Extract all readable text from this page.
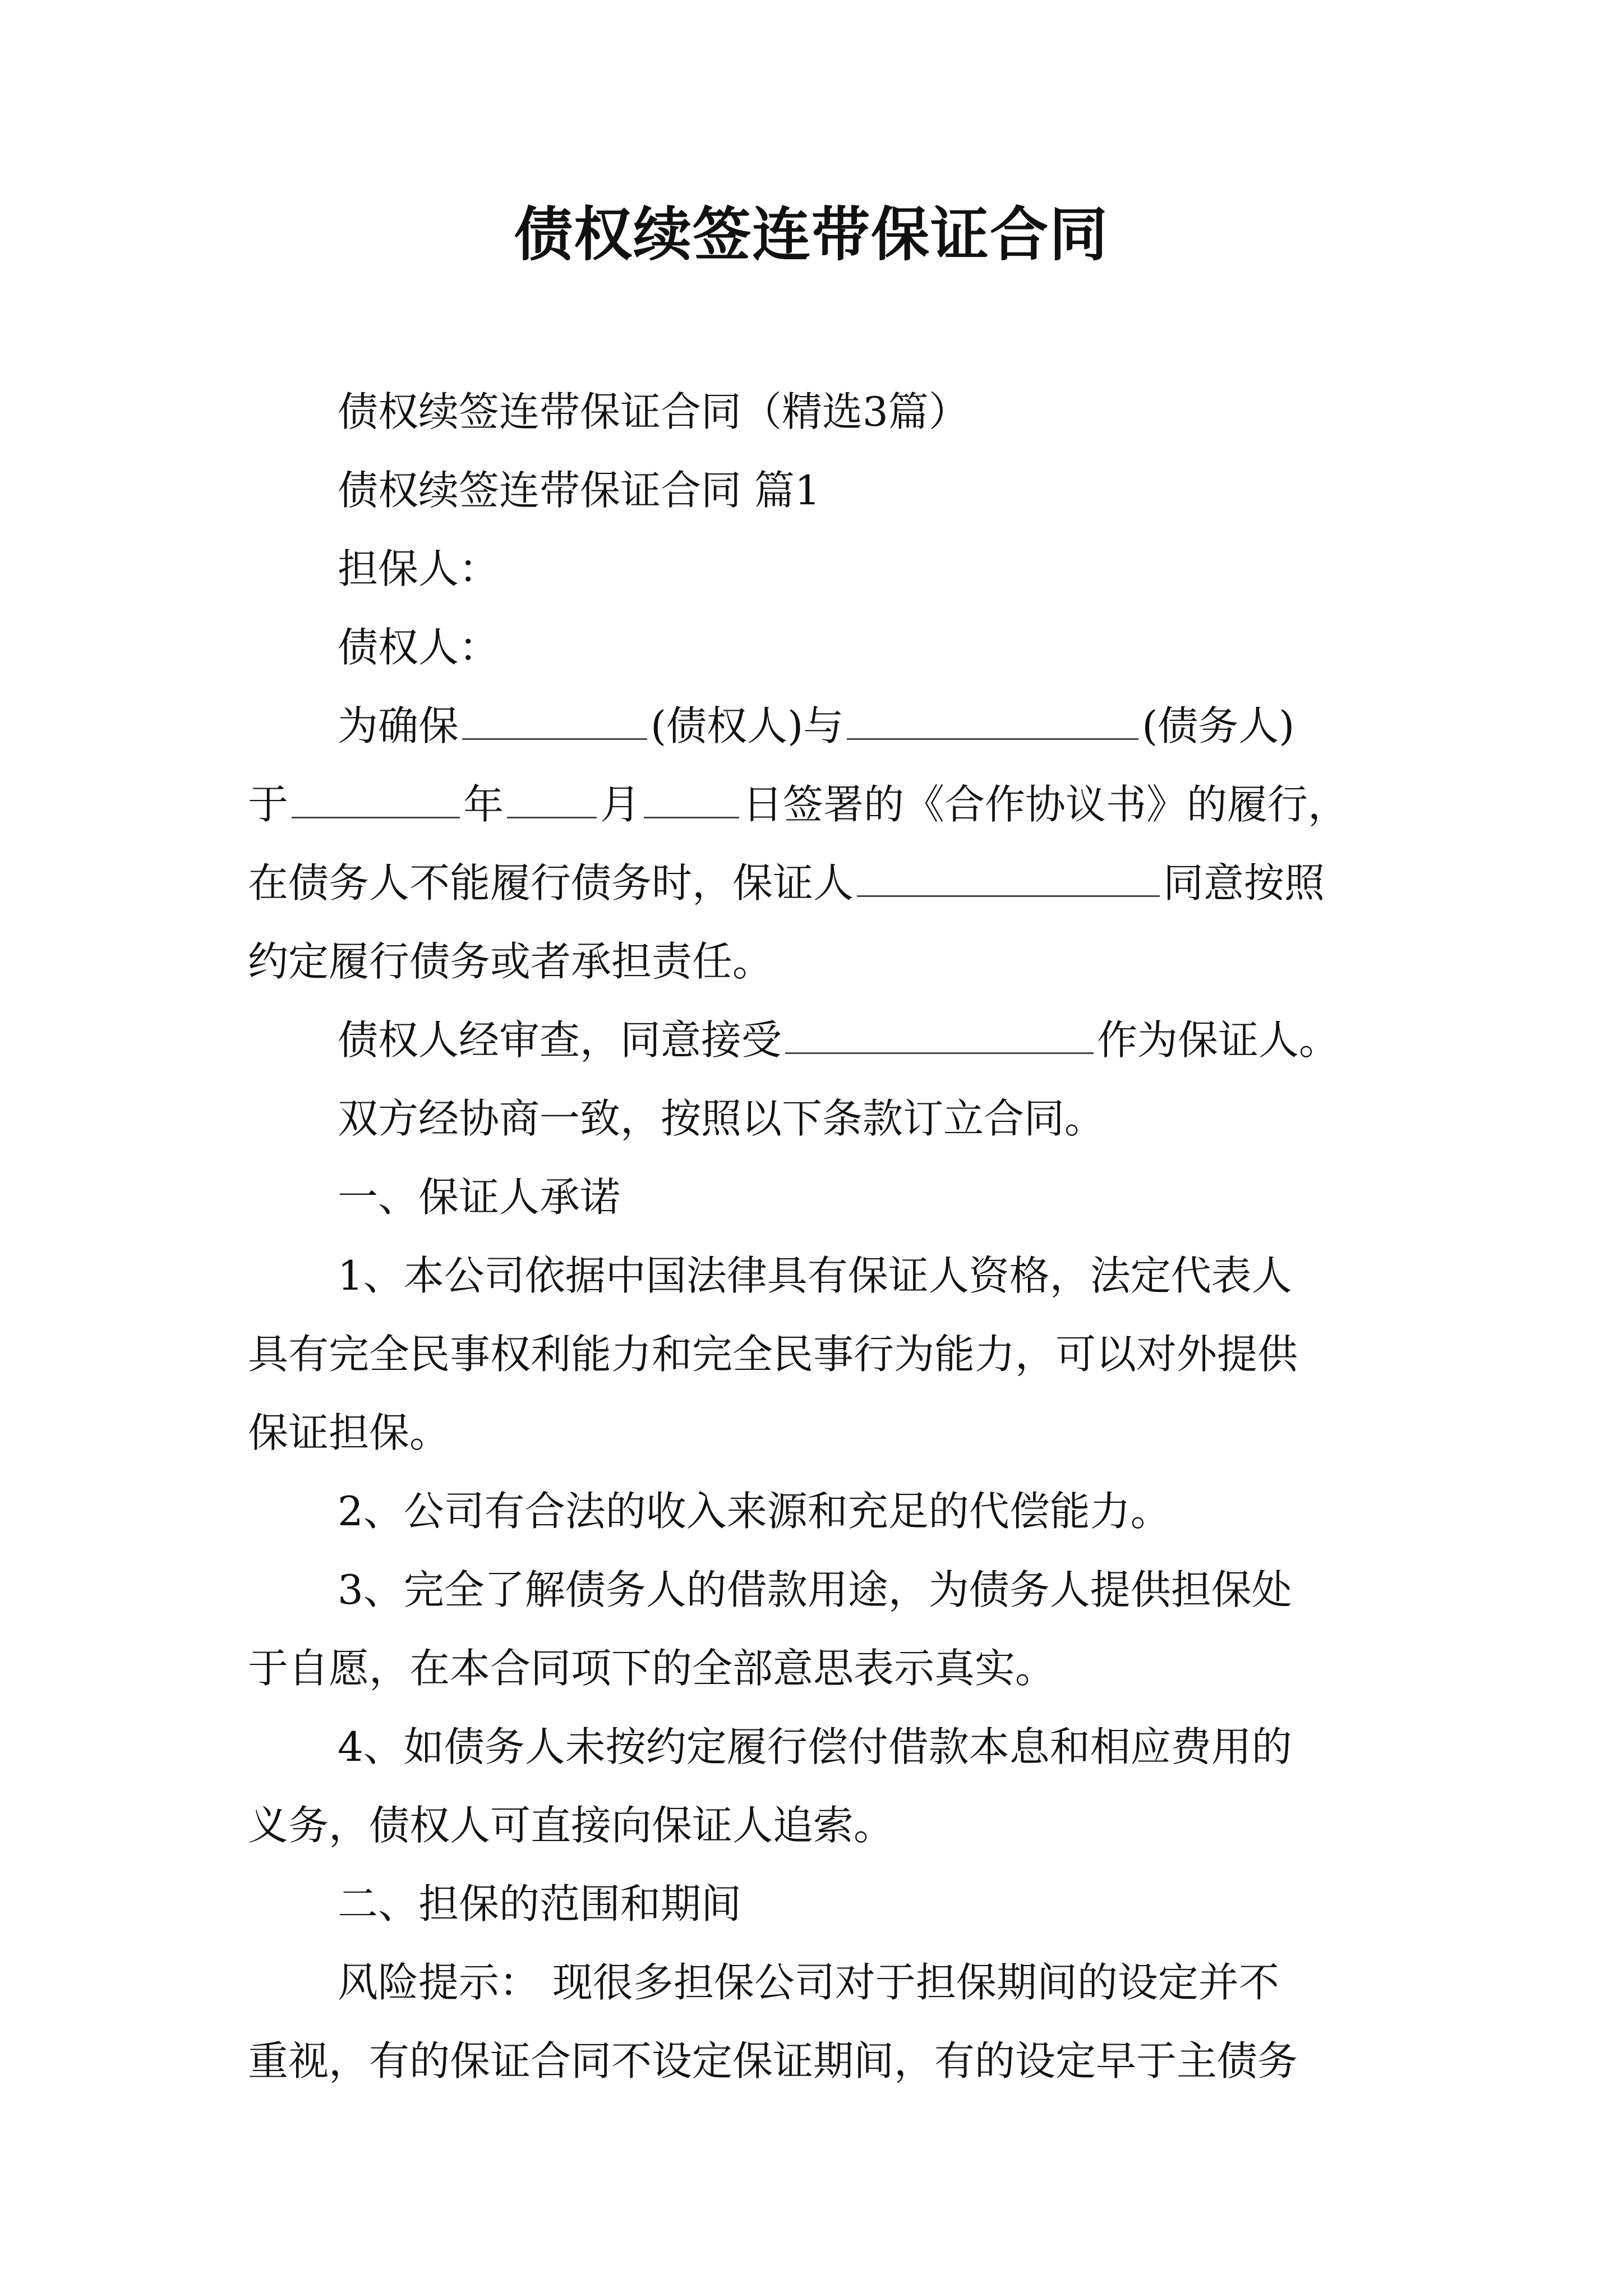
债权续签连带保证合同
债权续签连带保证合同（精选3篇）
债权续签连带保证合同 篇1
担保人：
债权人：
为确保	(债权人)与	(债务人)
于	年 月	日签署的《合作协议书》的履行，
在债务人不能履行债务时，保证人	同意按照
约定履行债务或者承担责任。
债权人经审查，同意接受	作为保证人。
双方经协商一致，按照以下条款订立合同。
一、保证人承诺
1、本公司依据中国法律具有保证人资格，法定代表人
具有完全民事权利能力和完全民事行为能力，可以对外提供
保证担保。
2、公司有合法的收入来源和充足的代偿能力。
3、完全了解债务人的借款用途，为债务人提供担保处
于自愿，在本合同项下的全部意思表示真实。
4、如债务人未按约定履行偿付借款本息和相应费用的
义务，债权人可直接向保证人追索。
二、担保的范围和期间
风险提示： 现很多担保公司对于担保期间的设定并不
重视，有的保证合同不设定保证期间，有的设定早于主债务
